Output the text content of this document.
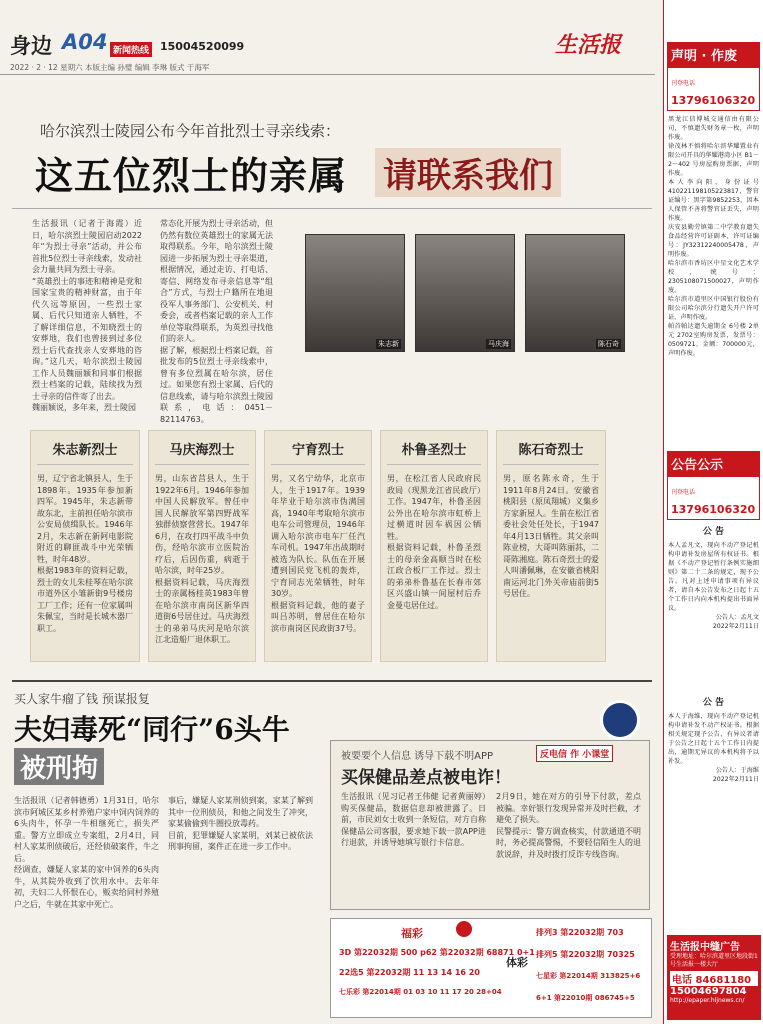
身边 A04 新闻热线 15004520099	生活报
2022 · 2 · 12 星期六 本版主编 孙璧 编辑 李琳 版式 于海军
哈尔滨烈士陵园公布今年首批烈士寻亲线索：
这五位烈士的亲属 请联系我们

生活报讯（记者于海霞）近日，哈尔滨烈士陵园启动2022年“为烈士寻亲”活动，并公布首批5位烈士寻亲线索，发动社会力量共同为烈士寻亲。

“英雄烈士的事迹和精神是党和国家宝贵的精神财富，由于年代久远等原因，一些烈士家属、后代只知道亲人牺牲，不了解详细信息，不知晓烈士的安葬地，我们也曾接到过多位烈士后代查找亲人安葬地的咨询。”这几天，哈尔滨烈士陵园工作人员魏丽颖和同事们根据烈士档案的记载，陆续找为烈士寻亲的信件寄了出去。

魏丽颖说，多年来，烈士陵园

常态化开展为烈士寻亲活动，但仍然有数位英雄烈士的家属无法取得联系。今年，哈尔滨烈士陵园进一步拓展为烈士寻亲渠道，根据情况，通过走访、打电话、寄信、网络发布寻亲信息等“组合”方式，与烈士户籍所在地退役军人事务部门、公安机关、村委会，或者档案记载的亲人工作单位等取得联系，为英烈寻找他们的亲人。

据了解，根据烈士档案记载，首批发布的5位烈士寻亲线索中，曾有多位烈属在哈尔滨，居住过。如果您有烈士家属、后代的信息线索，请与哈尔滨烈士陵园联系，电话：0451－82114763。

朱志新	马庆海	陈石奇
朱志新烈士

男，辽宁省北镇县人，生于1898年。1935年参加新四军。1945年，朱志新带故东北，主前担任哈尔滨市公安局侦缉队长。1946年2月，朱志新在新阿电影院附近的聊匪战斗中光荣牺牲，时年48岁。
根据1983年的资料记载，烈士的女儿朱桂琴在哈尔滨市道外区小雏新街9号楼房工厂工作；还有一位家属叫朱佩宝，当时是长城木器厂职工。

马庆海烈士

男，山东省莒县人，生于1922年6月。1946年参加中国人民解放军。曾任中国人民解放军第四野战军独群侦察营营长。1947年6月，在攻打四平战斗中负伤，经哈尔滨市立医院治疗后，后因伤重，病逝于哈尔滨，时年25岁。
根据资料记载，马庆海烈士的亲属杨桂英1983年曾在哈尔滨市南岗区新华四道街6号居住过。马庆海烈士的弟弟马庆河是哈尔滨江北造船厂退休职工。

宁育烈士

男，又名宁幼华，北京市人，生于1917年。1939年毕业于哈尔滨市伪满国高，1940年考取哈尔滨市电车公司管理员，1946年调入哈尔滨市电车厂任汽车司机。1947年出战期时被选为队长。队伍在开展遭到国民党飞机的轰炸，宁育同志光荣牺牲，时年30岁。
根据资料记载，他的妻子叫吕苏明，曾居住在哈尔滨市南岗区民政街37号。

朴鲁圣烈士

男，在松江省人民政府民政局（现黑龙江省民政厅）工作。1947年，朴鲁圣因公外出在哈尔滨市虹桥上过横道时因车祸因公牺牲。
根据资料记载，朴鲁圣烈士的母亲金高顺当时在松江政合板厂工作过。烈士的弟弟朴鲁基在长春市郊区兴盛山镇一间屋村后乔金曼屯居住过。

陈石奇烈士

男，原名陈永奇，生于1911年8月24日。安徽省桃阳县（原凤翔城）义集乡方家新屋人。生前在松江省委社会处任处长，于1947年4月13日牺牲。其父亲叫陈业榜，大哥叫陈丽荪，二哥陈湘庭。陈石奇烈士的爱人叫潘佩琳，在安徽省桃阳南运河北门外关帝庙前街5号居住。

买人家牛瘤了钱 预谋报复
夫妇毒死“同行”6头牛
被刑拘

生活报讯（记者韩德勇）1月31日，哈尔滨市阿城区某乡村养殖户家中饲内饲养的6头肉牛，怀孕一牛相继死亡，损失严重。警方立即成立专案组，2月4日，同村人家某刑侦破后，还经侦破案件，牛之后。

经调查，嫌疑人家某的家中饲养的6头肉牛，从其院外收到了饮用水中。去年年初，夫妇二人怀恨在心，贩卖给同村养殖户之后，牛就在其家中死亡。

事后，嫌疑人家某刑侦到案，家某了解到其中一位刑侦员，和他之间发生了冲突，家某偷偷到牛圈投放毒药。

目前，犯罪嫌疑人家某明，刘某已被依法刑事拘留，案件正在进一步工作中。

被要要个人信息 诱导下载不明APP
买保健品差点被电诈！
反电信 作 小课堂

生活报讯（见习记者王伟健 记者黄丽婷）购买保健品，数据信息却被泄露了。日前，市民刘女士收到一条短信，对方自称保健品公司客服，要求她下载一款APP进行退款，并诱导她填写银行卡信息。

2月9日，她在对方的引导下付款，差点被骗。幸好银行发现异常并及时拦截，才避免了损失。

民警提示：警方调查核实，付款通道不明时，务必提高警惕，不要轻信陌生人的退款说辞，并及时拨打反诈专线咨询。

福彩
3D 第22032期 500 p62 第22032期 68871 0+1
22选5 第22032期 11 13 14 16 20
七乐彩 第22014期 01 03 10 11 17 20 28+04
体彩
排列3 第22032期 703
排列5 第22032期 70325
七星彩 第22014期 313825+6
6+1 第22010期 086745+5
声明 · 作废
刊登电话 13796106320

黑龙江信博城交通信由有限公司，不慎遗失财务章一枚，声明作废。

徐茂林不慎将哈尔滨华耀置业有限公司开具的华耀港湾小区 B1－2－402 号房屋购房票据，声明作废。

本人李向阳，身份证号410221198105223817，警官证编号：黑字第9852253，因本人保管不善将警官证丢失，声明作废。

庆安县勤劳镇第二中学教育遗失食品经营许可证副本，许可证编号：JY32312240005478，声明作废。

哈尔滨市香坊区中星文化艺术学校，统号：2305108071500027，声明作废。

哈尔滨市道里区中国银行股份有限公司哈尔滨分行遗失开户许可证，声明作废。

帕首帕达遗失逾期金 6号楼 2单元 2702室购房发票，发票号：0509721，金额：700000元，声明作废。

公告公示
刊登电话 13796106320
公 告

本人孟凡文，现向不动产登记机构申请补发房屋所有权证书。根据《不动产登记暂行条例实施细则》第二十二条的规定，现予公告。凡对上述申请事项有异议者，请自本公告发布之日起十五个工作日内向本机构提出书面异议。

公告人：孟凡文
2022年2月11日

公 告

本人于海维，现向不动产登记机构申请补发不动产权证书。根据相关规定现予公告，有异议者请于公告之日起十五个工作日内提出，逾期无异议的本机构将予以补发。

公告人：于海维
2022年2月11日

生活报中缝广告
受理地址：哈尔滨道里区地段街1号生活报一楼大厅
电话 84681180
15004697804
http://epaper.hljnews.cn/
